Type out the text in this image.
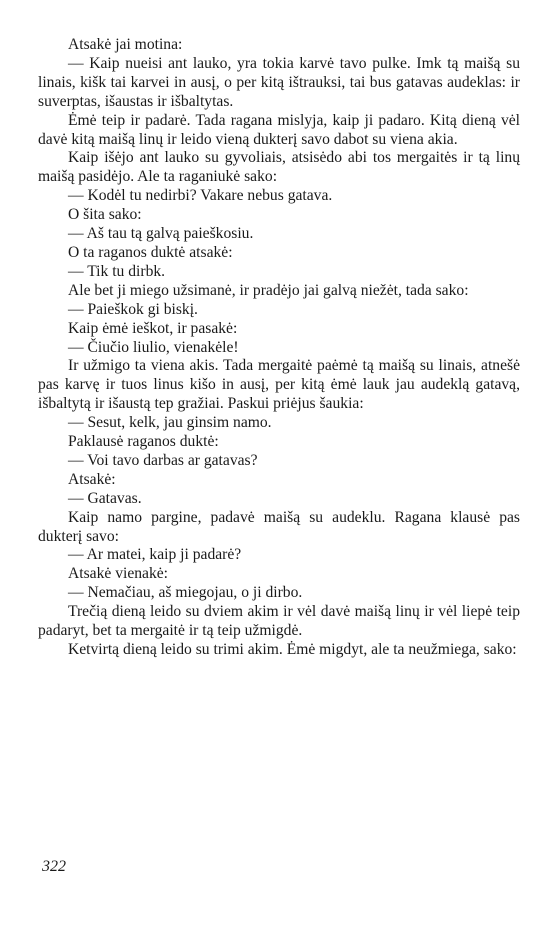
Atsakė jai motina:

— Kaip nueisi ant lauko, yra tokia karvė tavo pulke. Imk tą maišą su linais, kišk tai karvei in ausį, o per kitą ištrauksi, tai bus gatavas audeklas: ir suverptas, išaustas ir išbaltytas.

Ėmė teip ir padarė. Tada ragana mislyja, kaip ji padaro. Kitą dieną vėl davė kitą maišą linų ir leido vieną dukterį savo dabot su viena akia.

Kaip išėjo ant lauko su gyvoliais, atsisėdo abi tos mergaitės ir tą linų maišą pasidėjo. Ale ta raganiukė sako:

— Kodėl tu nedirbi? Vakare nebus gatava.

O šita sako:

— Aš tau tą galvą paieškosiu.

O ta raganos duktė atsakė:

— Tik tu dirbk.

Ale bet ji miego užsimanė, ir pradėjo jai galvą niežėt, tada sako:

— Paieškok gi biskį.

Kaip ėmė ieškot, ir pasakė:

— Čiučio liulio, vienakėle!

Ir užmigo ta viena akis. Tada mergaitė paėmė tą maišą su linais, atnešė pas karvę ir tuos linus kišo in ausį, per kitą ėmė lauk jau audeklą gatavą, išbaltytą ir išaustą tep gražiai. Paskui priėjus šaukia:

— Sesut, kelk, jau ginsim namo.

Paklausė raganos duktė:

— Voi tavo darbas ar gatavas?

Atsakė:

— Gatavas.

Kaip namo pargine, padavė maišą su audeklu. Ragana klausė pas dukterį savo:

— Ar matei, kaip ji padarė?

Atsakė vienakė:

— Nemačiau, aš miegojau, o ji dirbo.

Trečią dieną leido su dviem akim ir vėl davė maišą linų ir vėl liepė teip padaryt, bet ta mergaitė ir tą teip užmigdė.

Ketvirtą dieną leido su trimi akim. Ėmė migdyt, ale ta neužmiega, sako:

322
